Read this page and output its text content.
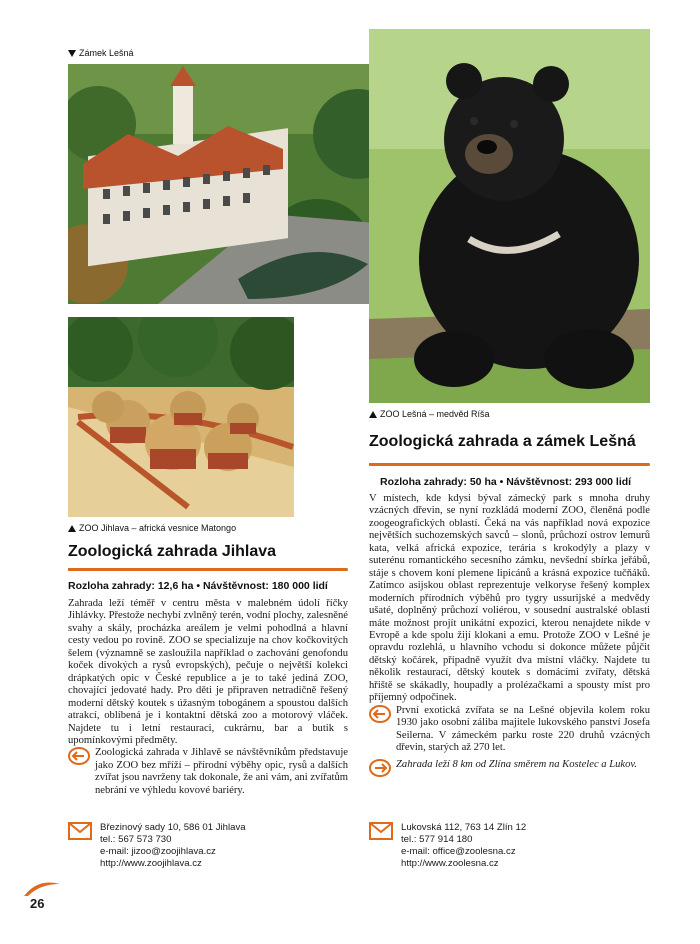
Zámek Lešná
ZOO Lešná – medvěd Ríša
ZOO Jihlava – africká vesnice Matongo
Zoologická zahrada Jihlava
Rozloha zahrady: 12,6 ha • Návštěvnost: 180 000 lidí

Zahrada leží téměř v centru města v malebném údolí říčky Jihlávky. Přestože nechybí zvlněný terén, vodní plochy, zalesněné svahy a skály, procházka areálem je velmi pohodlná a hlavní cesty vedou po rovině. ZOO se specializuje na chov kočkovitých šelem (významně se zasloužila například o zachování genofondu koček divokých a rysů evropských), pečuje o největší kolekci drápkatých opic v České republice a je to také jediná ZOO, chovající jedovaté hady. Pro děti je připraven netradičně řešený moderní dětský koutek s úžasným tobogánem a spoustou dalších atrakcí, oblíbená je i kontaktní dětská zoo a motorový vláček. Najdete tu i letní restauraci, cukrárnu, bar a butik s upomínkovými předměty.

Zoologická zahrada v Jihlavě se návštěvníkům představuje jako ZOO bez mříží – přírodní výběhy opic, rysů a dalších zvířat jsou navrženy tak dokonale, že ani vám, ani zvířatům nebrání ve výhledu kovové bariéry.
Březinový sady 10, 586 01 Jihlava
tel.: 567 573 730
e-mail: jizoo@zoojihlava.cz
http://www.zoojihlava.cz
Zoologická zahrada a zámek Lešná
Rozloha zahrady: 50 ha • Návštěvnost: 293 000 lidí

V místech, kde kdysi býval zámecký park s mnoha druhy vzácných dřevin, se nyní rozkládá moderní ZOO, členěná podle zoogeografických oblastí. Čeká na vás například nová expozice největších suchozemských savců – slonů, průchozí ostrov lemurů kata, velká africká expozice, terária s krokodýly a plazy v suterénu romantického secesního zámku, nevšední sbírka jeřábů, stáje s chovem koní plemene lipicánů a krásná expozice tučňáků. Zatímco asijskou oblast reprezentuje velkoryse řešený komplex moderních přírodních výběhů pro tygry ussurijské a medvědy ušaté, doplněný průchozí voliérou, v sousední australské oblasti máte možnost projít unikátní expozicí, kterou nenajdete nikde v Evropě a kde spolu žijí klokani a emu. Protože ZOO v Lešné je opravdu rozlehlá, u hlavního vchodu si dokonce můžete půjčit dětský kočárek, případně využít dva místní vláčky. Najdete tu několik restaurací, dětský koutek s domácími zvířaty, dětská hřiště se skákadly, houpadly a prolézačkami a spousty míst pro příjemný odpočinek.

První exotická zvířata se na Lešné objevila kolem roku 1930 jako osobní záliba majitele lukovského panství Josefa Seilerna. V zámeckém parku roste 220 druhů vzácných dřevin, starých až 270 let.
Zahrada leží 8 km od Zlína směrem na Kostelec a Lukov.
Lukovská 112, 763 14 Zlín 12
tel.: 577 914 180
e-mail: office@zoolesna.cz
http://www.zoolesna.cz
26
